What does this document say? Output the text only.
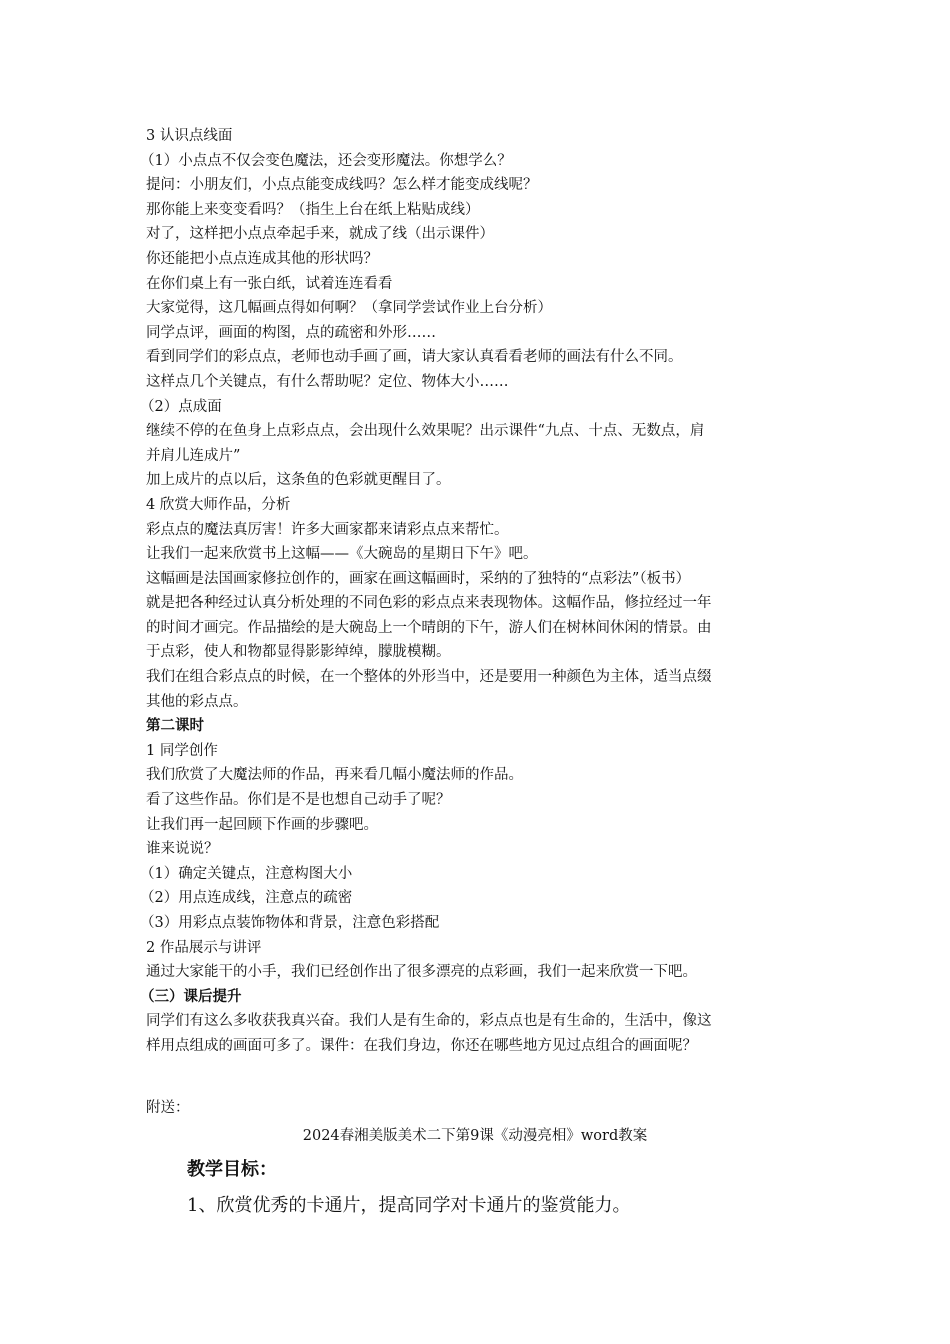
3 认识点线面
（1）小点点不仅会变色魔法，还会变形魔法。你想学么？
提问：小朋友们，小点点能变成线吗？怎么样才能变成线呢？
那你能上来变变看吗？（指生上台在纸上粘贴成线）
对了，这样把小点点牵起手来，就成了线（出示课件）
你还能把小点点连成其他的形状吗？
在你们桌上有一张白纸，试着连连看看
大家觉得，这几幅画点得如何啊？（拿同学尝试作业上台分析）
同学点评，画面的构图，点的疏密和外形……
看到同学们的彩点点，老师也动手画了画，请大家认真看看老师的画法有什么不同。
这样点几个关键点，有什么帮助呢？定位、物体大小……
（2）点成面
继续不停的在鱼身上点彩点点，会出现什么效果呢？出示课件“九点、十点、无数点，肩
并肩儿连成片”
加上成片的点以后，这条鱼的色彩就更醒目了。
4 欣赏大师作品，分析
彩点点的魔法真厉害！许多大画家都来请彩点点来帮忙。
让我们一起来欣赏书上这幅——《大碗岛的星期日下午》吧。
这幅画是法国画家修拉创作的，画家在画这幅画时，采纳的了独特的“点彩法”（板书）
就是把各种经过认真分析处理的不同色彩的彩点点来表现物体。这幅作品，修拉经过一年
的时间才画完。作品描绘的是大碗岛上一个晴朗的下午，游人们在树林间休闲的情景。由
于点彩，使人和物都显得影影绰绰，朦胧模糊。
我们在组合彩点点的时候，在一个整体的外形当中，还是要用一种颜色为主体，适当点缀
其他的彩点点。
第二课时
1 同学创作
我们欣赏了大魔法师的作品，再来看几幅小魔法师的作品。
看了这些作品。你们是不是也想自己动手了呢？
让我们再一起回顾下作画的步骤吧。
谁来说说？
（1）确定关键点，注意构图大小
（2）用点连成线，注意点的疏密
（3）用彩点点装饰物体和背景，注意色彩搭配
2 作品展示与讲评
通过大家能干的小手，我们已经创作出了很多漂亮的点彩画，我们一起来欣赏一下吧。
（三）课后提升
同学们有这么多收获我真兴奋。我们人是有生命的，彩点点也是有生命的，生活中，像这
样用点组成的画面可多了。课件：在我们身边，你还在哪些地方见过点组合的画面呢？
附送：
2024春湘美版美术二下第9课《动漫亮相》word教案
教学目标：
1、欣赏优秀的卡通片，提高同学对卡通片的鉴赏能力。
